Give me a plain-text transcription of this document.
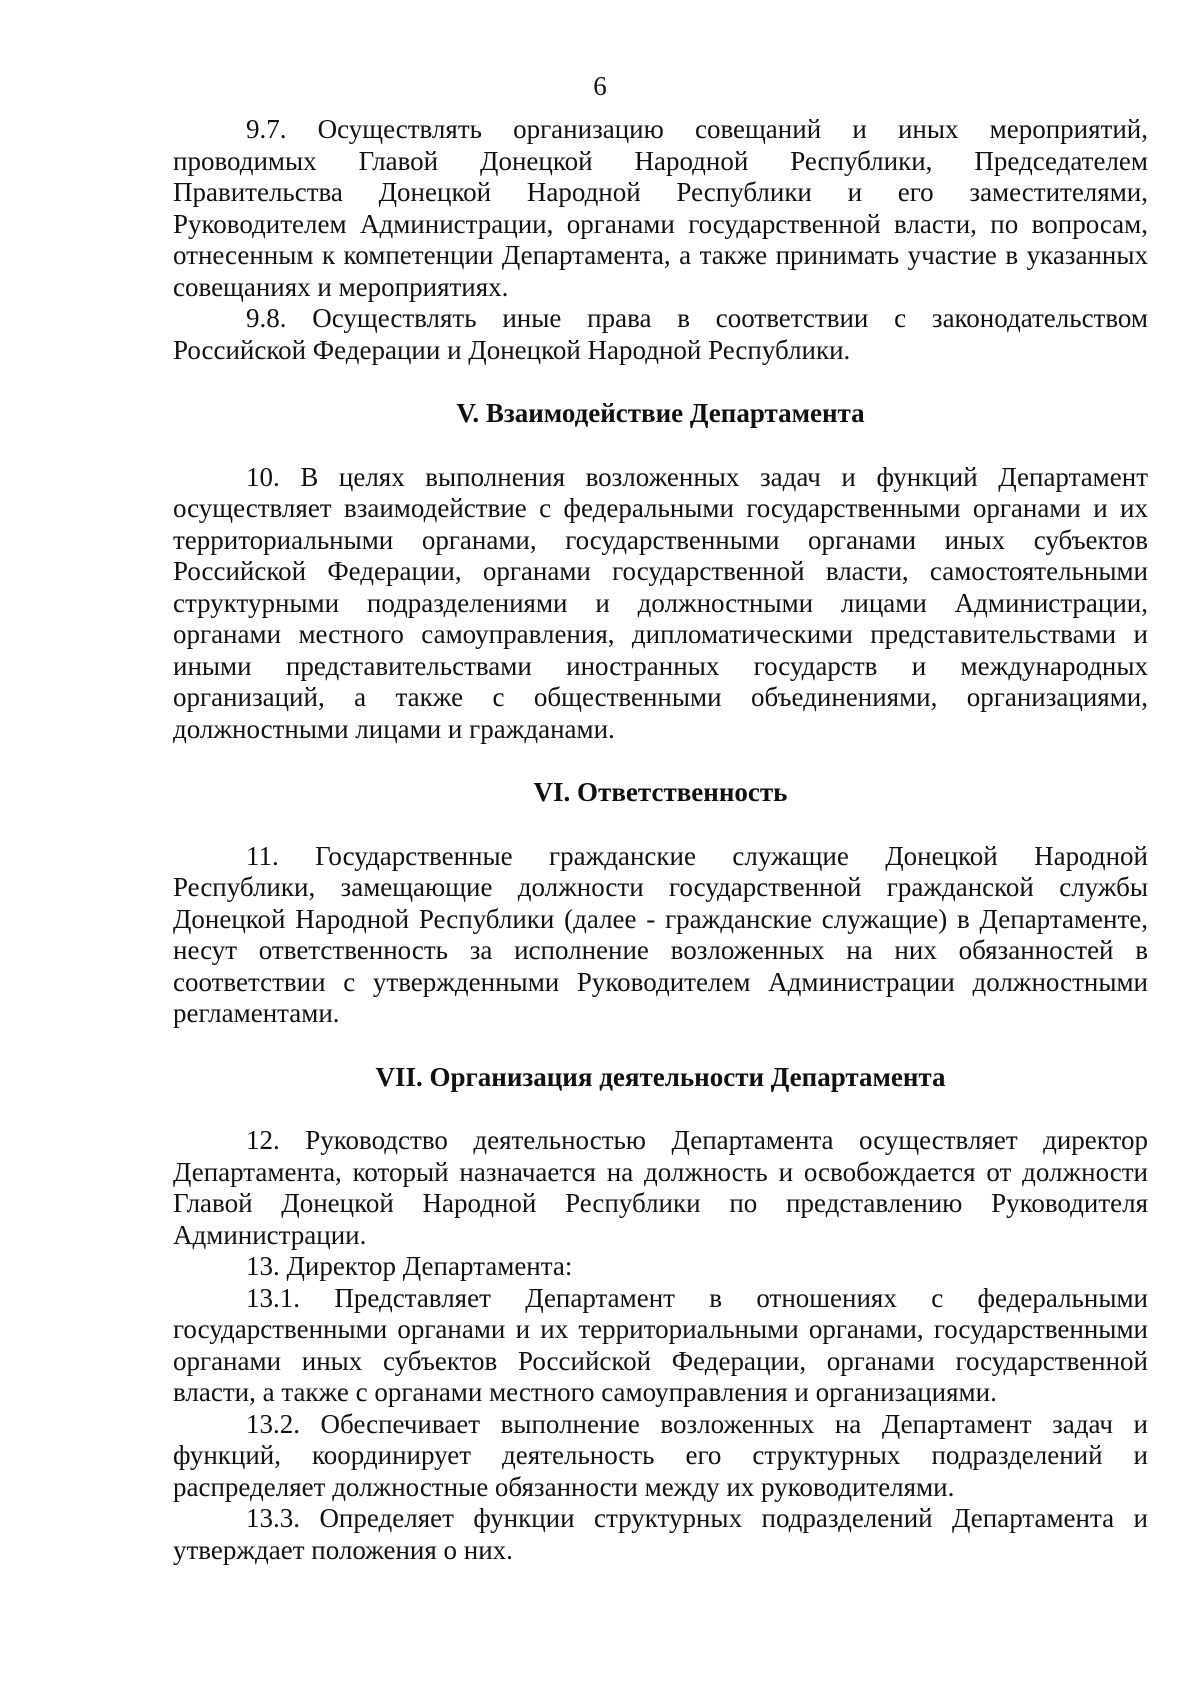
6

9.7. Осуществлять организацию совещаний и иных мероприятий, проводимых Главой Донецкой Народной Республики, Председателем Правительства Донецкой Народной Республики и его заместителями, Руководителем Администрации, органами государственной власти, по вопросам, отнесенным к компетенции Департамента, а также принимать участие в указанных совещаниях и мероприятиях.

9.8. Осуществлять иные права в соответствии с законодательством Российской Федерации и Донецкой Народной Республики.

V. Взаимодействие Департамента

10. В целях выполнения возложенных задач и функций Департамент осуществляет взаимодействие с федеральными государственными органами и их территориальными органами, государственными органами иных субъектов Российской Федерации, органами государственной власти, самостоятельными структурными подразделениями и должностными лицами Администрации, органами местного самоуправления, дипломатическими представительствами и иными представительствами иностранных государств и международных организаций, а также с общественными объединениями, организациями, должностными лицами и гражданами.

VI. Ответственность

11. Государственные гражданские служащие Донецкой Народной Республики, замещающие должности государственной гражданской службы Донецкой Народной Республики (далее - гражданские служащие) в Департаменте, несут ответственность за исполнение возложенных на них обязанностей в соответствии с утвержденными Руководителем Администрации должностными регламентами.

VII. Организация деятельности Департамента

12. Руководство деятельностью Департамента осуществляет директор Департамента, который назначается на должность и освобождается от должности Главой Донецкой Народной Республики по представлению Руководителя Администрации.

13. Директор Департамента:

13.1. Представляет Департамент в отношениях с федеральными государственными органами и их территориальными органами, государственными органами иных субъектов Российской Федерации, органами государственной власти, а также с органами местного самоуправления и организациями.

13.2. Обеспечивает выполнение возложенных на Департамент задач и функций, координирует деятельность его структурных подразделений и распределяет должностные обязанности между их руководителями.

13.3. Определяет функции структурных подразделений Департамента и утверждает положения о них.
